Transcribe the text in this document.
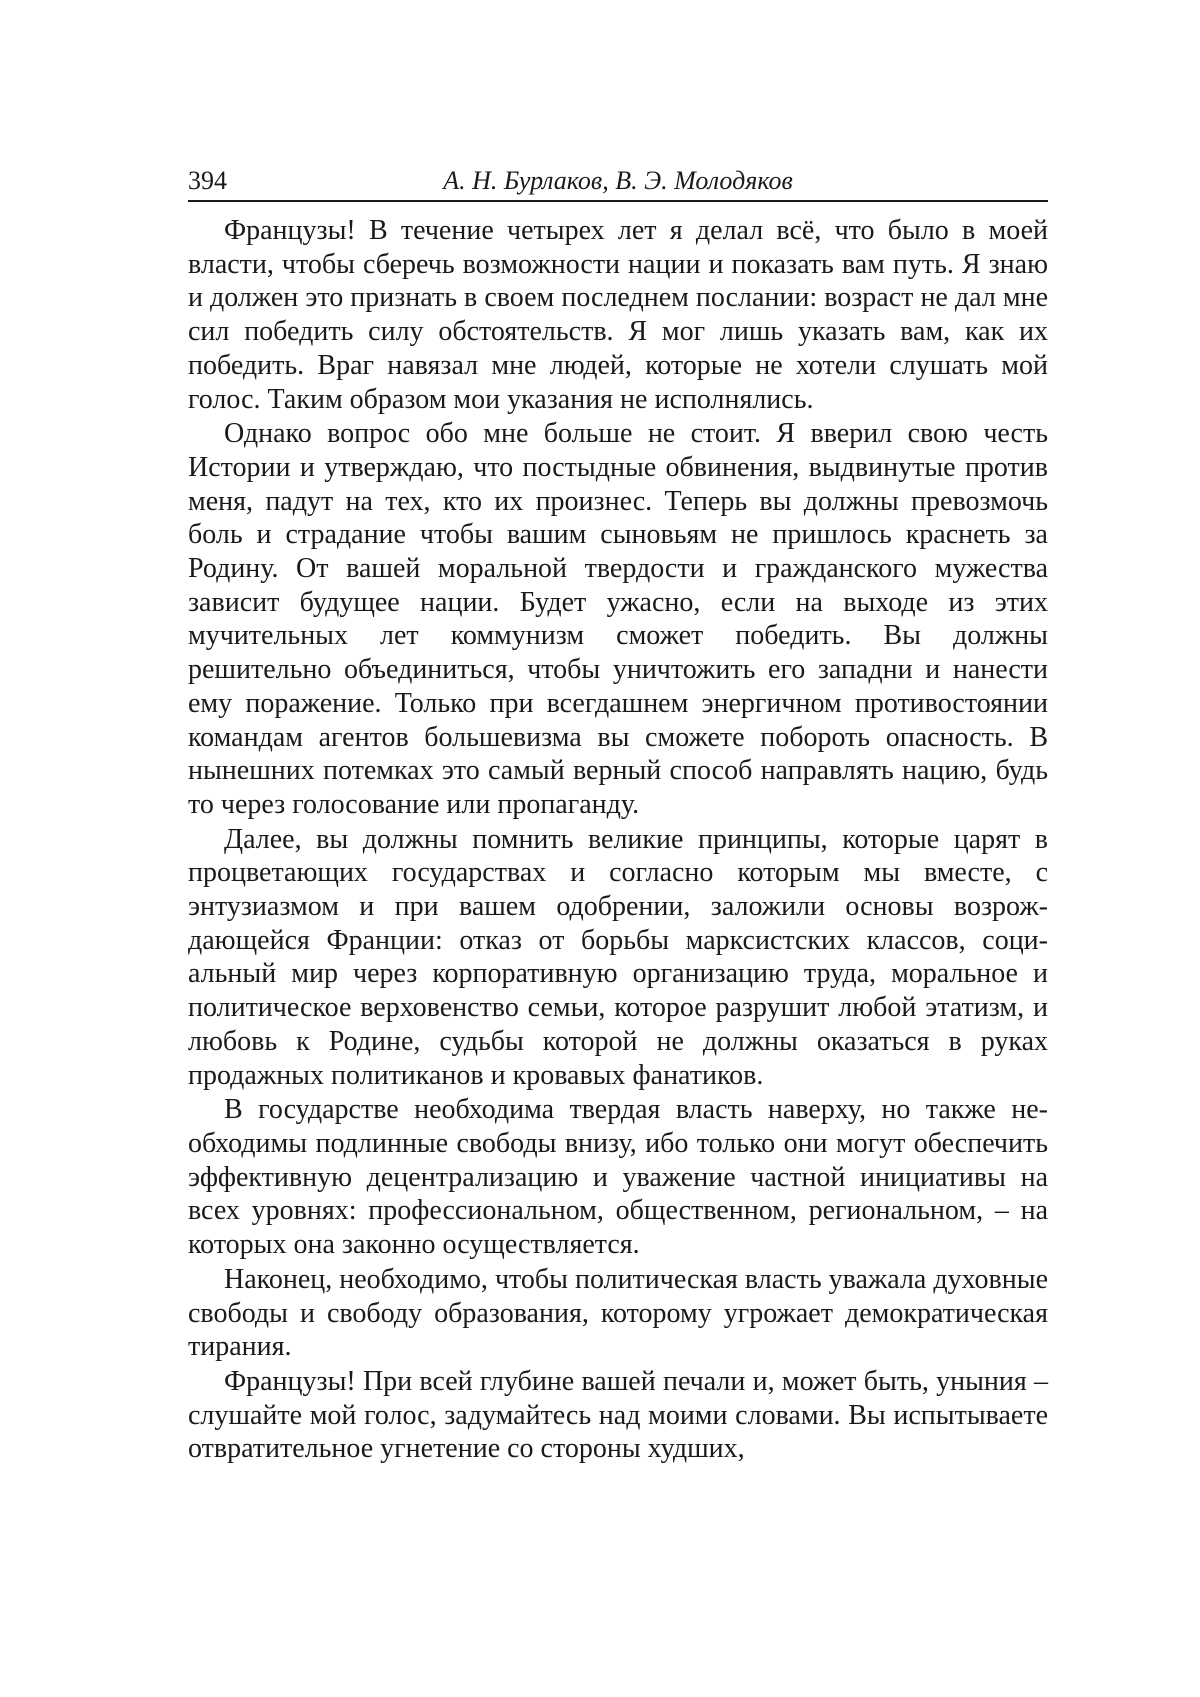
394	А. Н. Бурлаков, В. Э. Молодяков

Французы! В течение четырех лет я делал всё, что было в моей власти, чтобы сберечь возможности нации и показать вам путь. Я знаю и должен это признать в своем последнем послании: возраст не дал мне сил победить силу обстоятельств. Я мог лишь указать вам, как их победить. Враг навязал мне людей, которые не хотели слушать мой голос. Таким образом мои указания не исполнялись.

Однако вопрос обо мне больше не стоит. Я вверил свою честь Истории и утверждаю, что постыдные обвинения, выдвинутые против меня, падут на тех, кто их произнес. Теперь вы должны превозмочь боль и страдание чтобы вашим сыновьям не пришлось краснеть за Родину. От вашей моральной твердости и гражданского мужества зависит будущее нации. Будет ужасно, если на выходе из этих мучительных лет коммунизм сможет победить. Вы должны решительно объединиться, чтобы уничтожить его западни и нанести ему поражение. Только при всегдашнем энергичном противостоянии командам агентов большевизма вы сможете побороть опасность. В нынешних потемках это самый верный способ направлять нацию, будь то через голосование или пропаганду.

Далее, вы должны помнить великие принципы, которые царят в процветающих государствах и согласно которым мы вместе, с энтузиазмом и при вашем одобрении, заложили основы возрождающейся Франции: отказ от борьбы марксистских классов, социальный мир через корпоративную организацию труда, моральное и политическое верховенство семьи, которое разрушит любой этатизм, и любовь к Родине, судьбы которой не должны оказаться в руках продажных политиканов и кровавых фанатиков.

В государстве необходима твердая власть наверху, но также необходимы подлинные свободы внизу, ибо только они могут обеспечить эффективную децентрализацию и уважение частной инициативы на всех уровнях: профессиональном, общественном, региональном, – на которых она законно осуществляется.

Наконец, необходимо, чтобы политическая власть уважала духовные свободы и свободу образования, которому угрожает демократическая тирания.

Французы! При всей глубине вашей печали и, может быть, уныния – слушайте мой голос, задумайтесь над моими словами. Вы испытываете отвратительное угнетение со стороны худших,
